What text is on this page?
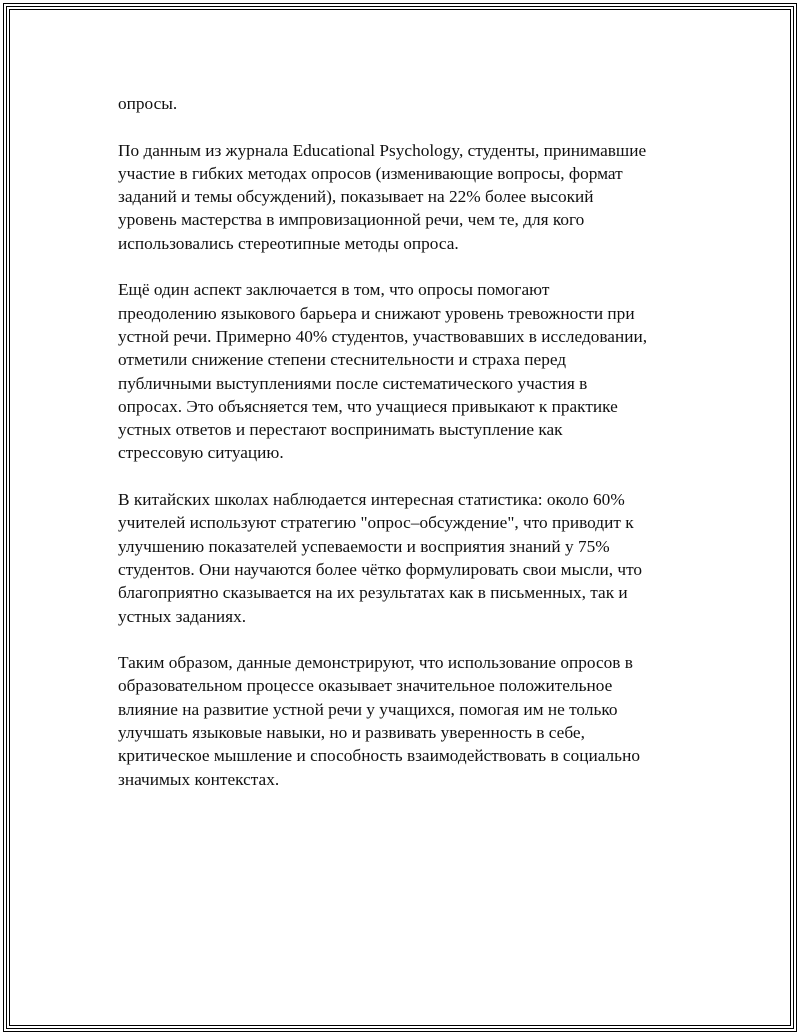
опросы.

По данным из журнала Educational Psychology, студенты, принимавшие
участие в гибких методах опросов (изменивающие вопросы, формат
заданий и темы обсуждений), показывает на 22% более высокий
уровень мастерства в импровизационной речи, чем те, для кого
использовались стереотипные методы опроса.

Ещё один аспект заключается в том, что опросы помогают
преодолению языкового барьера и снижают уровень тревожности при
устной речи. Примерно 40% студентов, участвовавших в исследовании,
отметили снижение степени стеснительности и страха перед
публичными выступлениями после систематического участия в
опросах. Это объясняется тем, что учащиеся привыкают к практике
устных ответов и перестают воспринимать выступление как
стрессовую ситуацию.

В китайских школах наблюдается интересная статистика: около 60%
учителей используют стратегию "опрос–обсуждение", что приводит к
улучшению показателей успеваемости и восприятия знаний у 75%
студентов. Они научаются более чётко формулировать свои мысли, что
благоприятно сказывается на их результатах как в письменных, так и
устных заданиях.

Таким образом, данные демонстрируют, что использование опросов в
образовательном процессе оказывает значительное положительное
влияние на развитие устной речи у учащихся, помогая им не только
улучшать языковые навыки, но и развивать уверенность в себе,
критическое мышление и способность взаимодействовать в социально
значимых контекстах.
